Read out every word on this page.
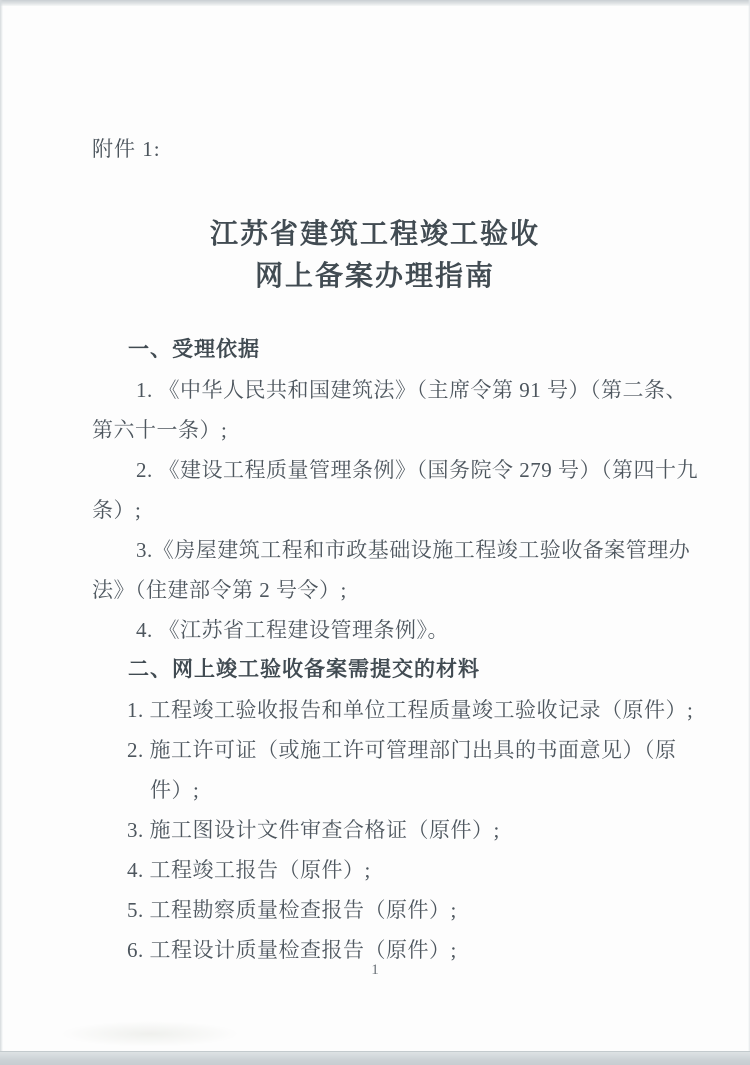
附件 1:
江苏省建筑工程竣工验收
网上备案办理指南
一、受理依据
1. 《中华人民共和国建筑法》（主席令第 91 号）（第二条、
第六十一条）;
2. 《建设工程质量管理条例》（国务院令 279 号）（第四十九
条）;
3.《房屋建筑工程和市政基础设施工程竣工验收备案管理办
法》（住建部令第 2 号令）;
4. 《江苏省工程建设管理条例》。
二、网上竣工验收备案需提交的材料
1. 工程竣工验收报告和单位工程质量竣工验收记录（原件）;
2. 施工许可证（或施工许可管理部门出具的书面意见）（原
件）;
3. 施工图设计文件审查合格证（原件）;
4. 工程竣工报告（原件）;
5. 工程勘察质量检查报告（原件）;
6. 工程设计质量检查报告（原件）;
1
